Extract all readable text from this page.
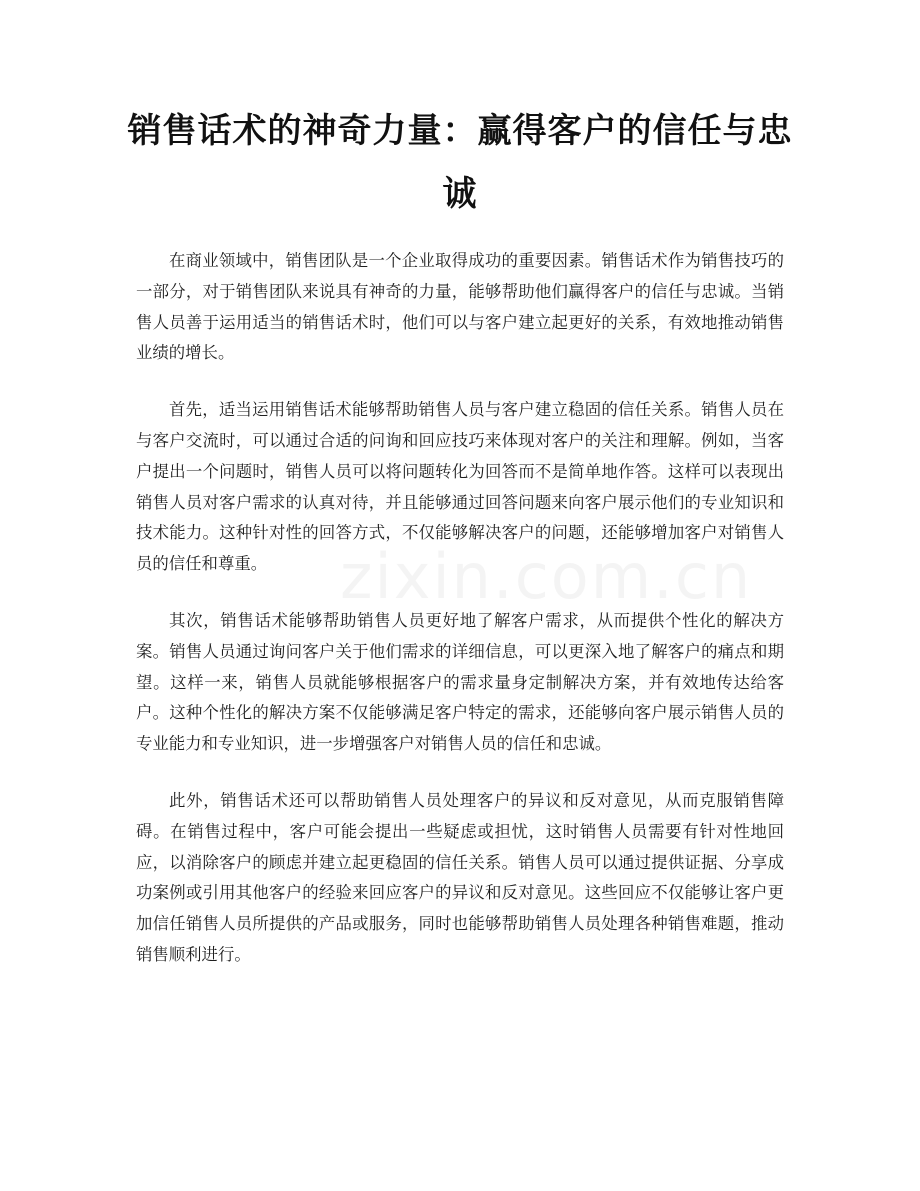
销售话术的神奇力量：赢得客户的信任与忠诚
zixin.com.cn

在商业领域中，销售团队是一个企业取得成功的重要因素。销售话术作为销售技巧的一部分，对于销售团队来说具有神奇的力量，能够帮助他们赢得客户的信任与忠诚。当销售人员善于运用适当的销售话术时，他们可以与客户建立起更好的关系，有效地推动销售业绩的增长。

首先，适当运用销售话术能够帮助销售人员与客户建立稳固的信任关系。销售人员在与客户交流时，可以通过合适的问询和回应技巧来体现对客户的关注和理解。例如，当客户提出一个问题时，销售人员可以将问题转化为回答而不是简单地作答。这样可以表现出销售人员对客户需求的认真对待，并且能够通过回答问题来向客户展示他们的专业知识和技术能力。这种针对性的回答方式，不仅能够解决客户的问题，还能够增加客户对销售人员的信任和尊重。

其次，销售话术能够帮助销售人员更好地了解客户需求，从而提供个性化的解决方案。销售人员通过询问客户关于他们需求的详细信息，可以更深入地了解客户的痛点和期望。这样一来，销售人员就能够根据客户的需求量身定制解决方案，并有效地传达给客户。这种个性化的解决方案不仅能够满足客户特定的需求，还能够向客户展示销售人员的专业能力和专业知识，进一步增强客户对销售人员的信任和忠诚。

此外，销售话术还可以帮助销售人员处理客户的异议和反对意见，从而克服销售障碍。在销售过程中，客户可能会提出一些疑虑或担忧，这时销售人员需要有针对性地回应，以消除客户的顾虑并建立起更稳固的信任关系。销售人员可以通过提供证据、分享成功案例或引用其他客户的经验来回应客户的异议和反对意见。这些回应不仅能够让客户更加信任销售人员所提供的产品或服务，同时也能够帮助销售人员处理各种销售难题，推动销售顺利进行。
